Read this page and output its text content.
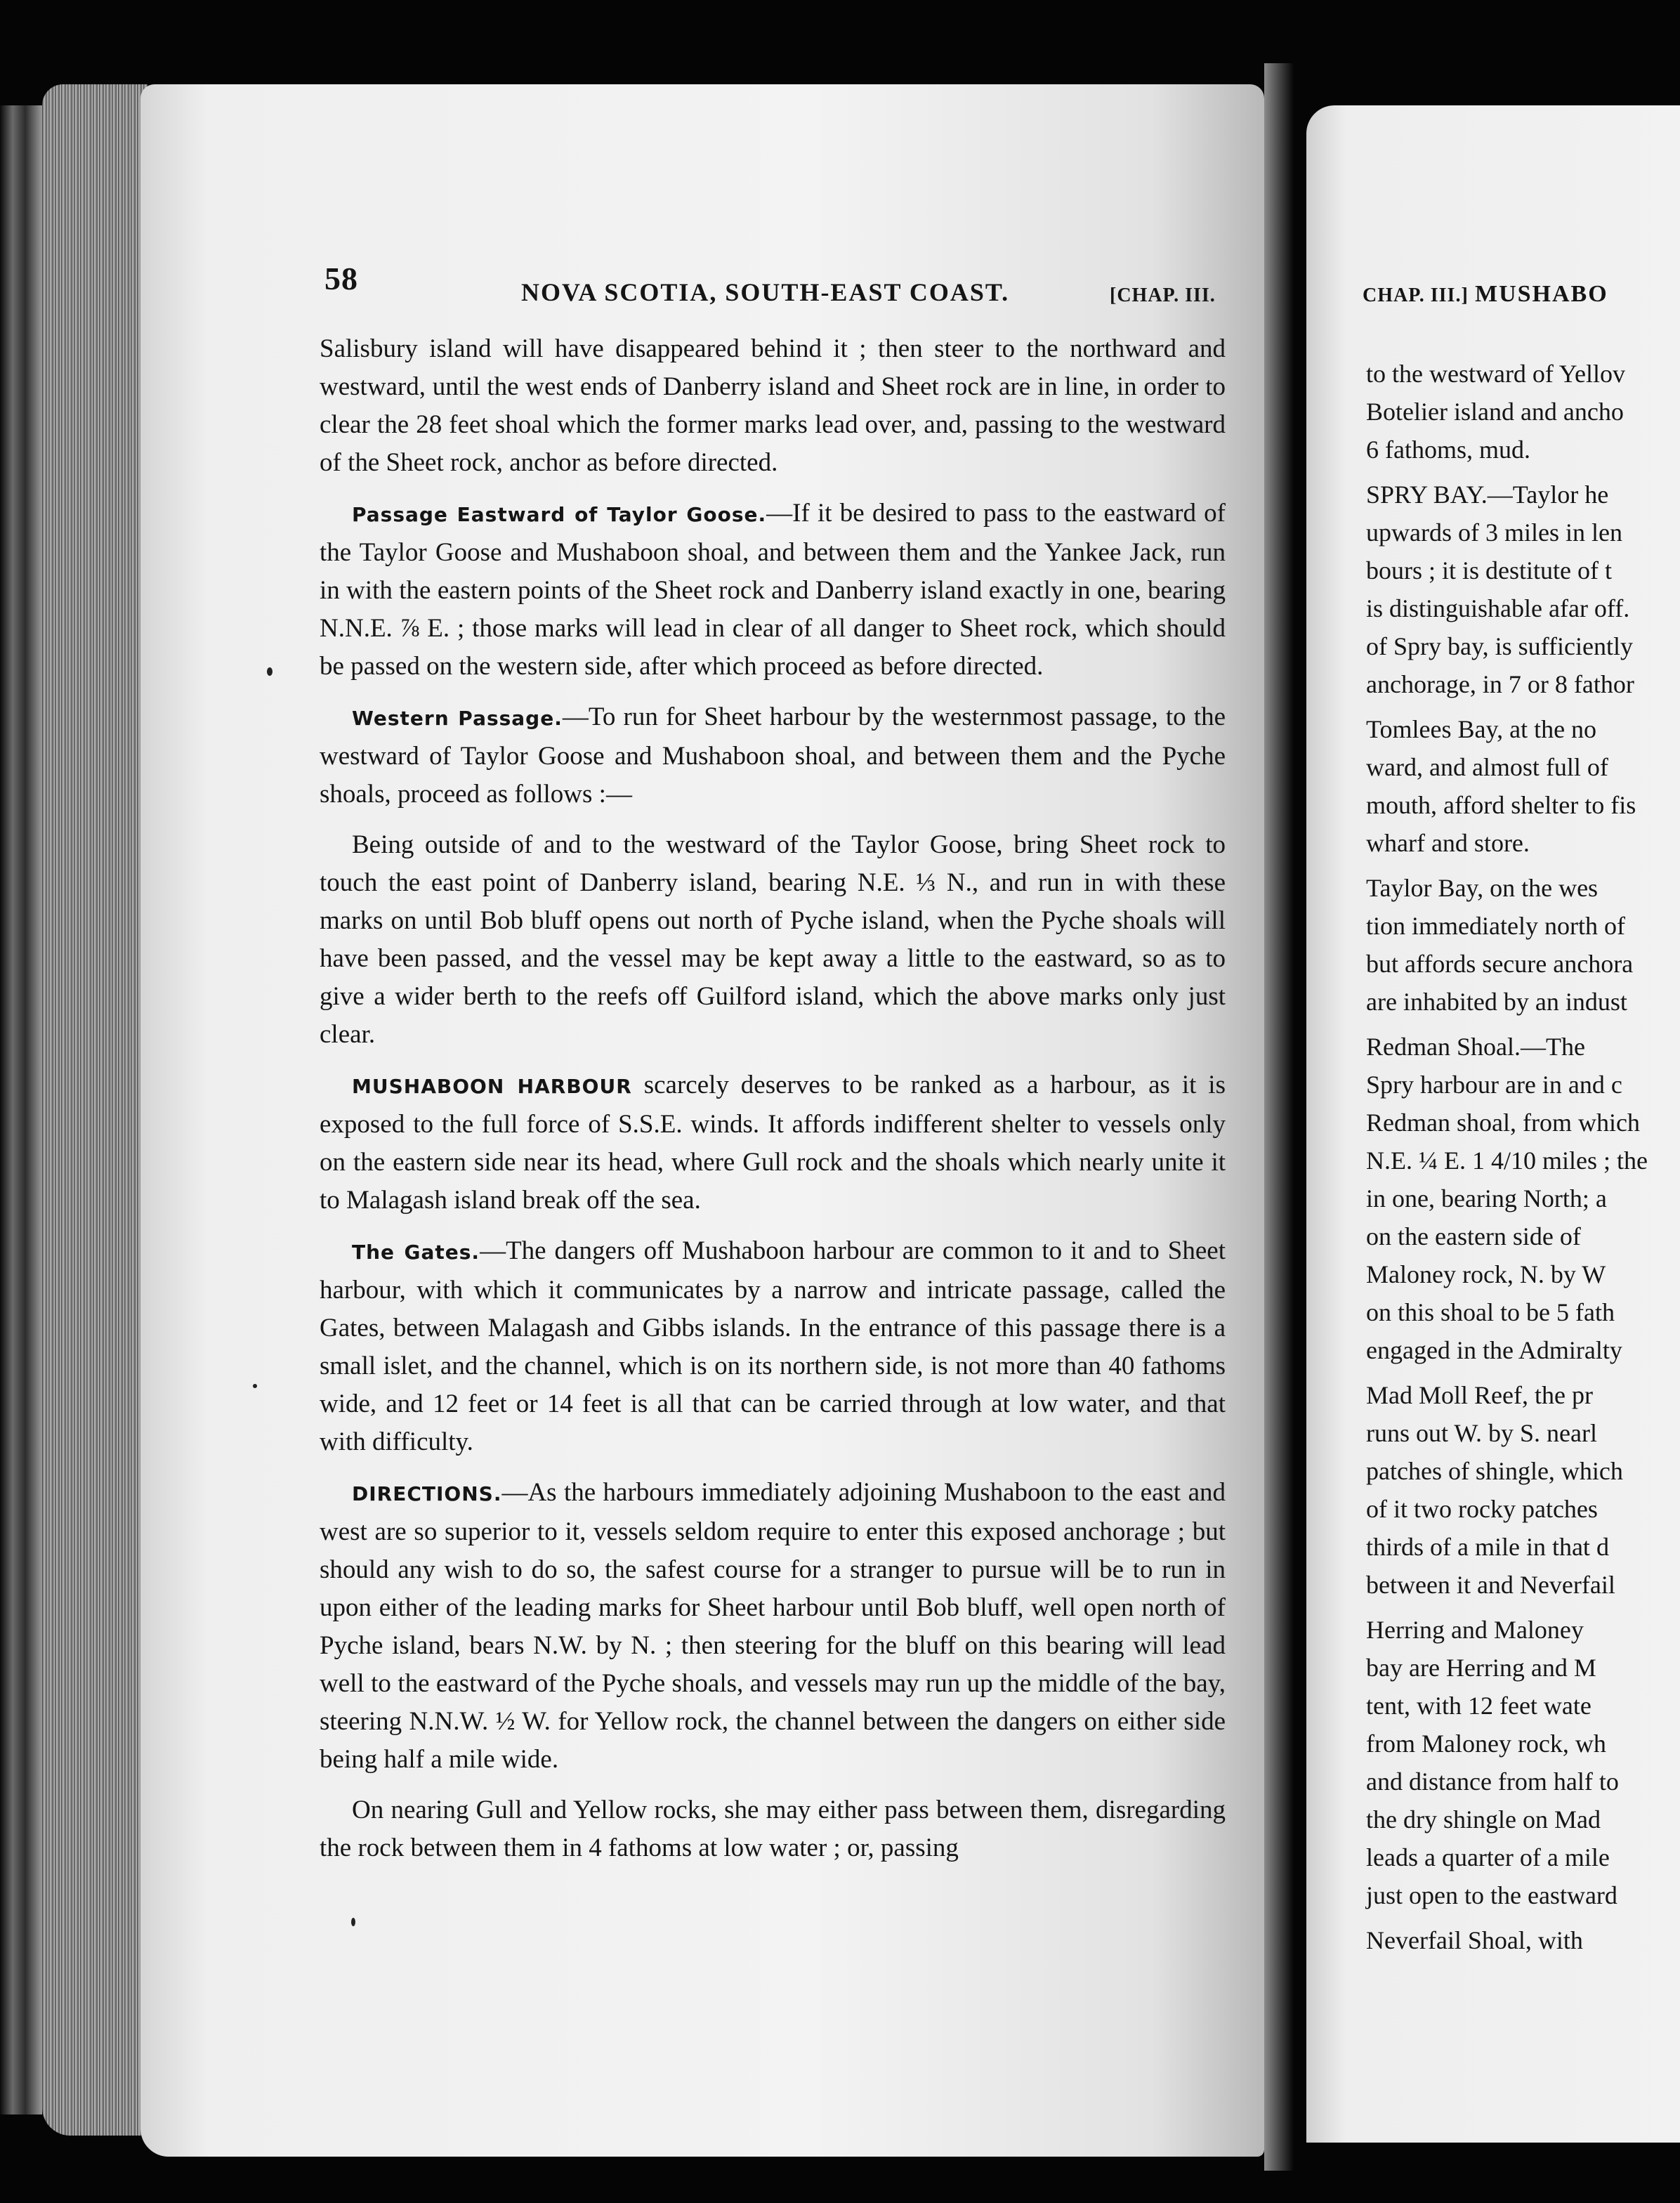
58	NOVA SCOTIA, SOUTH-EAST COAST.	[CHAP. III.

Salisbury island will have disappeared behind it ; then steer to the northward and westward, until the west ends of Danberry island and Sheet rock are in line, in order to clear the 28 feet shoal which the former marks lead over, and, passing to the westward of the Sheet rock, anchor as before directed.

Passage Eastward of Taylor Goose.—If it be desired to pass to the eastward of the Taylor Goose and Mushaboon shoal, and between them and the Yankee Jack, run in with the eastern points of the Sheet rock and Danberry island exactly in one, bearing N.N.E. ⅞ E. ; those marks will lead in clear of all danger to Sheet rock, which should be passed on the western side, after which proceed as before directed.

Western Passage.—To run for Sheet harbour by the westernmost passage, to the westward of Taylor Goose and Mushaboon shoal, and between them and the Pyche shoals, proceed as follows :—

Being outside of and to the westward of the Taylor Goose, bring Sheet rock to touch the east point of Danberry island, bearing N.E. ⅓ N., and run in with these marks on until Bob bluff opens out north of Pyche island, when the Pyche shoals will have been passed, and the vessel may be kept away a little to the eastward, so as to give a wider berth to the reefs off Guilford island, which the above marks only just clear.

MUSHABOON HARBOUR scarcely deserves to be ranked as a harbour, as it is exposed to the full force of S.S.E. winds. It affords indifferent shelter to vessels only on the eastern side near its head, where Gull rock and the shoals which nearly unite it to Malagash island break off the sea.

The Gates.—The dangers off Mushaboon harbour are common to it and to Sheet harbour, with which it communicates by a narrow and intricate passage, called the Gates, between Malagash and Gibbs islands. In the entrance of this passage there is a small islet, and the channel, which is on its northern side, is not more than 40 fathoms wide, and 12 feet or 14 feet is all that can be carried through at low water, and that with difficulty.

DIRECTIONS.—As the harbours immediately adjoining Mushaboon to the east and west are so superior to it, vessels seldom require to enter this exposed anchorage ; but should any wish to do so, the safest course for a stranger to pursue will be to run in upon either of the leading marks for Sheet harbour until Bob bluff, well open north of Pyche island, bears N.W. by N. ; then steering for the bluff on this bearing will lead well to the eastward of the Pyche shoals, and vessels may run up the middle of the bay, steering N.N.W. ½ W. for Yellow rock, the channel between the dangers on either side being half a mile wide.

On nearing Gull and Yellow rocks, she may either pass between them, disregarding the rock between them in 4 fathoms at low water ; or, passing

CHAP. III.] MUSHABO
to the westward of Yellov
Botelier island and ancho
6 fathoms, mud.
SPRY BAY.—Taylor he
upwards of 3 miles in len
bours ; it is destitute of t
is distinguishable afar off.
of Spry bay, is sufficiently
anchorage, in 7 or 8 fathor
Tomlees Bay, at the no
ward, and almost full of
mouth, afford shelter to fis
wharf and store.
Taylor Bay, on the wes
tion immediately north of
but affords secure anchora
are inhabited by an indust
Redman Shoal.—The
Spry harbour are in and c
Redman shoal, from which
N.E. ¼ E. 1 4/10 miles ; the
in one, bearing North; a
on the eastern side of
Maloney rock, N. by W
on this shoal to be 5 fath
engaged in the Admiralty
Mad Moll Reef, the pr
runs out W. by S. nearl
patches of shingle, which
of it two rocky patches
thirds of a mile in that d
between it and Neverfail
Herring and Maloney
bay are Herring and M
tent, with 12 feet wate
from Maloney rock, wh
and distance from half to
the dry shingle on Mad
leads a quarter of a mile
just open to the eastward
Neverfail Shoal, with
